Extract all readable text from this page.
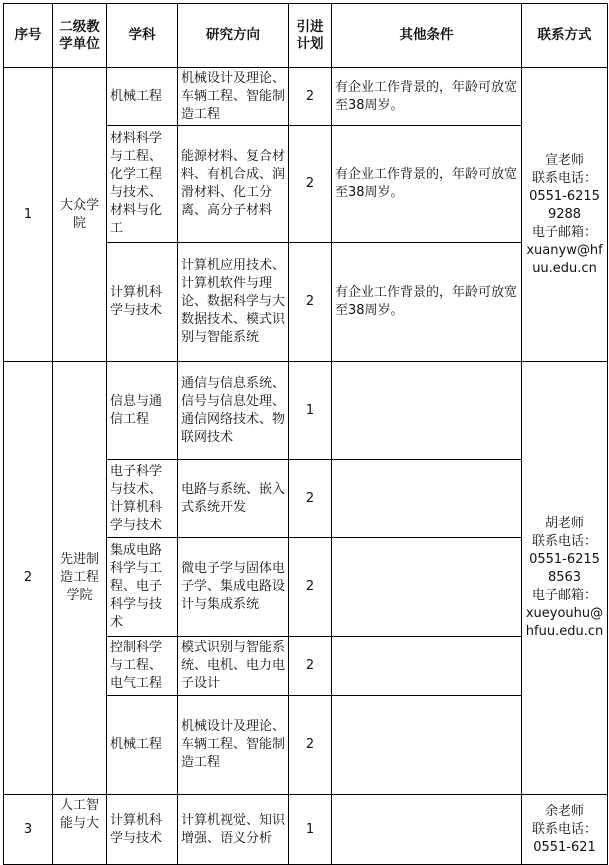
序号	二级教学单位	学科	研究方向	引进计划	其他条件	联系方式
1	大众学院	机械工程	机械设计及理论、车辆工程、智能制造工程	2	有企业工作背景的，年龄可放宽至38周岁。	宣老师
联系电话：
0551-62159288
电子邮箱：
xuanyw@hfuu.edu.cn

		材料科学与工程、化学工程与技术、材料与化工	能源材料、复合材料、有机合成、润滑材料、化工分离、高分子材料	2	有企业工作背景的，年龄可放宽至38周岁。	
		计算机科学与技术	计算机应用技术、计算机软件与理论、数据科学与大数据技术、模式识别与智能系统	2	有企业工作背景的，年龄可放宽至38周岁。	
2	先进制造工程学院	信息与通信工程	通信与信息系统、信号与信息处理、通信网络技术、物联网技术	1		胡老师
联系电话：
0551-62158563
电子邮箱：
xueyouhu@hfuu.edu.cn

		电子科学与技术、计算机科学与技术	电路与系统、嵌入式系统开发	2		
		集成电路科学与工程、电子科学与技术	微电子学与固体电子学、集成电路设计与集成系统	2		
		控制科学与工程、电气工程	模式识别与智能系统、电机、电力电子设计	2		
		机械工程	机械设计及理论、车辆工程、智能制造工程	2		
3	人工智能与大	计算机科学与技术	计算机视觉、知识增强、语义分析	1		余老师
联系电话：
0551-621
